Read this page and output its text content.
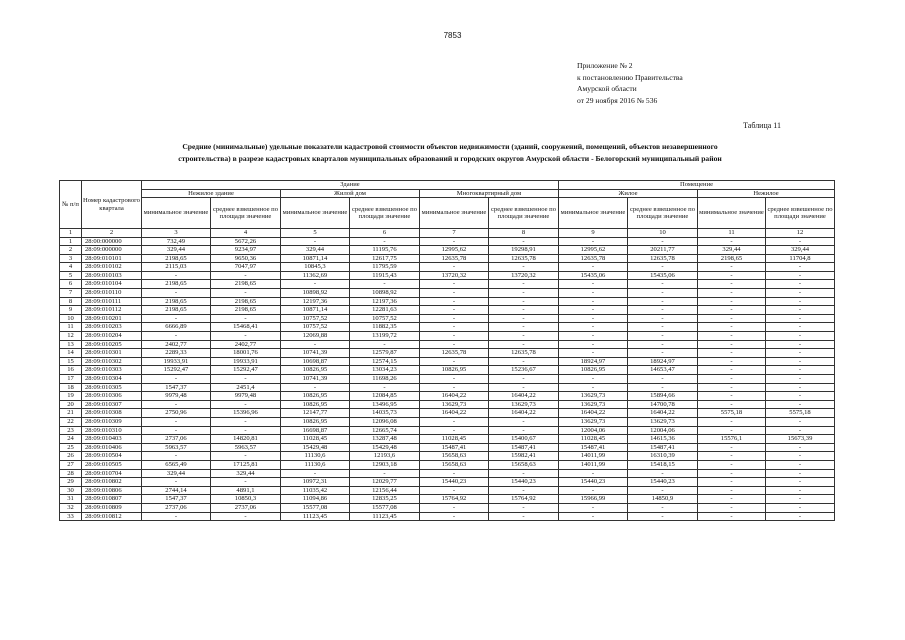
7853
Приложение № 2
к постановлению Правительства
Амурской области
от 29 ноября 2016 № 536
Таблица 11
Средние (минимальные) удельные показатели кадастровой стоимости объектов недвижимости (зданий, сооружений, помещений, объектов незавершенного
строительства) в разрезе кадастровых кварталов муниципальных образований и городских округов Амурской области - Белогорский муниципальный район
№ п/п	Номер кадастрового квартала	Здание						Помещение			
		Нежилое здание		Жилой дом		Многоквартирный дом		Жилое		Нежилое	
		минимальное значение	среднее взвешенное по площади значение	минимальное значение	среднее взвешенное по площади значение	минимальное значение	среднее взвешенное по площади значение	минимальное значение	среднее взвешенное по площади значение	минимальное значение	среднее взвешенное по площади значение
1	2	3	4	5	6	7	8	9	10	11	12
1	28:00:000000	732,49	5672,26	-	-	-	-	-	-	-	-
2	28:09:000000	329,44	9234,97	329,44	11195,76	12995,62	19298,91	12995,62	20211,77	329,44	329,44
3	28:09:010101	2198,65	9650,36	10871,14	12617,75	12635,78	12635,78	12635,78	12635,78	2198,65	11704,8
4	28:09:010102	2115,03	7047,97	10845,3	11795,59	-	-	-	-	-	-
5	28:09:010103	-	-	11362,69	11915,43	13720,32	13720,32	15435,06	15435,06	-	-
6	28:09:010104	2198,65	2198,65	-	-	-	-	-	-	-	-
7	28:09:010110	-	-	10898,92	10898,92	-	-	-	-	-	-
8	28:09:010111	2198,65	2198,65	12197,36	12197,36	-	-	-	-	-	-
9	28:09:010112	2198,65	2198,65	10871,14	12281,63	-	-	-	-	-	-
10	28:09:010201	-	-	10757,52	10757,52	-	-	-	-	-	-
11	28:09:010203	6666,89	15468,41	10757,52	11882,35	-	-	-	-	-	-
12	28:09:010204	-	-	12069,88	13199,72	-	-	-	-	-	-
13	28:09:010205	2402,77	2402,77	-	-	-	-	-	-	-	-
14	28:09:010301	2289,33	18001,76	10741,39	12579,87	12635,78	12635,78	-	-	-	-
15	28:09:010302	19933,91	19933,91	10698,87	12574,15	-	-	18924,97	18924,97	-	-
16	28:09:010303	15292,47	15292,47	10826,95	13034,23	10826,95	15236,67	10826,95	14653,47	-	-
17	28:09:010304	-	-	10741,39	11698,26	-	-	-	-	-	-
18	28:09:010305	1547,37	2451,4	-	-	-	-	-	-	-	-
19	28:09:010306	9979,48	9979,48	10826,95	12084,85	16404,22	16404,22	13629,73	15894,66	-	-
20	28:09:010307	-	-	10826,95	13496,95	13629,73	13629,73	13629,73	14700,78	-	-
21	28:09:010308	2750,96	15396,96	12147,77	14035,73	16404,22	16404,22	16404,22	16404,22	5575,18	5575,18
22	28:09:010309	-	-	10826,95	12096,08	-	-	13629,73	13629,73	-	-
23	28:09:010310	-	-	16698,87	12665,74	-	-	12004,06	12004,06	-	-
24	28:09:010403	2737,06	14820,81	11028,45	13287,48	11028,45	15400,67	11028,45	14615,36	15576,1	15673,39
25	28:09:010406	5963,57	5963,57	15429,48	15429,48	15487,41	15487,41	15487,41	15487,41	-	-
26	28:09:010504	-	-	11130,6	12193,6	15658,63	15982,41	14011,99	16310,39	-	-
27	28:09:010505	6565,49	17125,81	11130,6	12903,18	15658,63	15658,63	14011,99	15418,15	-	-
28	28:09:010704	329,44	329,44	-	-	-	-	-	-	-	-
29	28:09:010802	-	-	10972,31	12029,77	15440,23	15440,23	15440,23	15440,23	-	-
30	28:09:010806	2744,14	4891,1	11035,42	12156,44	-	-	-	-	-	-
31	28:09:010807	1547,37	10850,3	11094,86	12835,25	15764,92	15764,92	15966,99	14850,9	-	-
32	28:09:010809	2737,06	2737,06	15577,08	15577,08	-	-	-	-	-	-
33	28:09:010812	-	-	11123,45	11123,45	-	-	-	-	-	-
